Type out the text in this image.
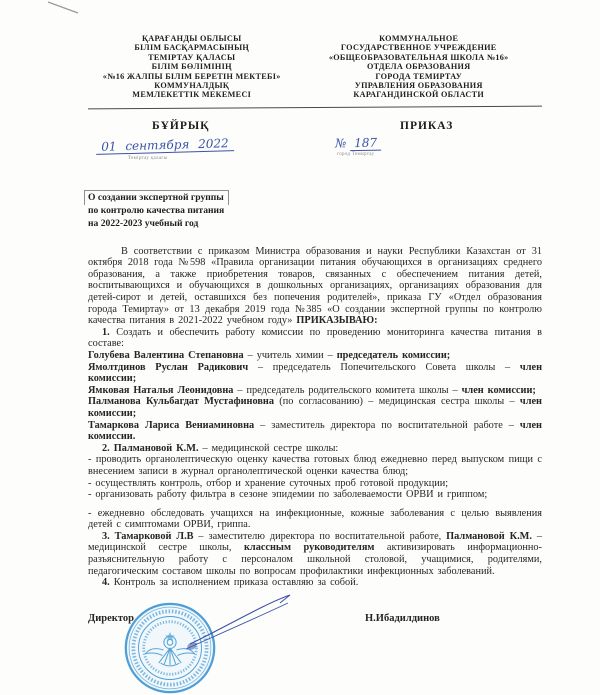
ҚАРАҒАНДЫ ОБЛЫСЫ
БІЛІМ БАСҚАРМАСЫНЫҢ
ТЕМІРТАУ ҚАЛАСЫ
БІЛІМ БӨЛІМІНІҢ
«№16 ЖАЛПЫ БІЛІМ БЕРЕТІН МЕКТЕБІ»
КОММУНАЛДЫҚ
МЕМЛЕКЕТТІК МЕКЕМЕСІ
КОММУНАЛЬНОЕ
ГОСУДАРСТВЕННОЕ УЧРЕЖДЕНИЕ
«ОБЩЕОБРАЗОВАТЕЛЬНАЯ ШКОЛА №16»
ОТДЕЛА ОБРАЗОВАНИЯ
ГОРОДА ТЕМИРТАУ
УПРАВЛЕНИЯ ОБРАЗОВАНИЯ
КАРАГАНДИНСКОЙ ОБЛАСТИ
БҰЙРЫҚ	ПРИКАЗ
01 сентября 2022
Теміртау қаласы
№ 187
город Темиртау
О создании экспертной группы
по контролю качества питания
на 2022-2023 учебный год

В соответствии с приказом Министра образования и науки Республики Казахстан от 31 октября 2018 года №598 «Правила организации питания обучающихся в организациях среднего образования, а также приобретения товаров, связанных с обеспечением питания детей, воспитывающихся и обучающихся в дошкольных организациях, организациях образования для детей-сирот и детей, оставшихся без попечения родителей», приказа ГУ «Отдел образования города Темиртау» от 13 декабря 2019 года №385 «О создании экспертной группы по контролю качества питания в 2021-2022 учебном году» ПРИКАЗЫВАЮ:

1. Создать и обеспечить работу комиссии по проведению мониторинга качества питания в составе:

Голубева Валентина Степановна – учитель химии – председатель комиссии;

Ямолтдинов Руслан Радикович – председатель Попечительского Совета школы – член комиссии;

Ямковая Наталья Леонидовна – председатель родительского комитета школы – член комиссии;

Палманова Кульбагдат Мустафиновна (по согласованию) – медицинская сестра школы – член комиссии;

Тамаркова Лариса Вениаминовна – заместитель директора по воспитательной работе – член комиссии.

2. Палмановой К.М. – медицинской сестре школы:

- проводить органолептическую оценку качества готовых блюд ежедневно перед выпуском пищи с внесением записи в журнал органолептической оценки качества блюд;

- осуществлять контроль, отбор и хранение суточных проб готовой продукции;

- организовать работу фильтра в сезоне эпидемии по заболеваемости ОРВИ и гриппом;

- ежедневно обследовать учащихся на инфекционные, кожные заболевания с целью выявления детей с симптомами ОРВИ, гриппа.

3. Тамарковой Л.В – заместителю директора по воспитательной работе, Палмановой К.М. – медицинской сестре школы, классным руководителям активизировать информационно-разъяснительную работу с персоналом школьной столовой, учащимися, родителями, педагогическим составом школы по вопросам профилактики инфекционных заболеваний.

4. Контроль за исполнением приказа оставляю за собой.

Директор	Н.Ибадилдинов
